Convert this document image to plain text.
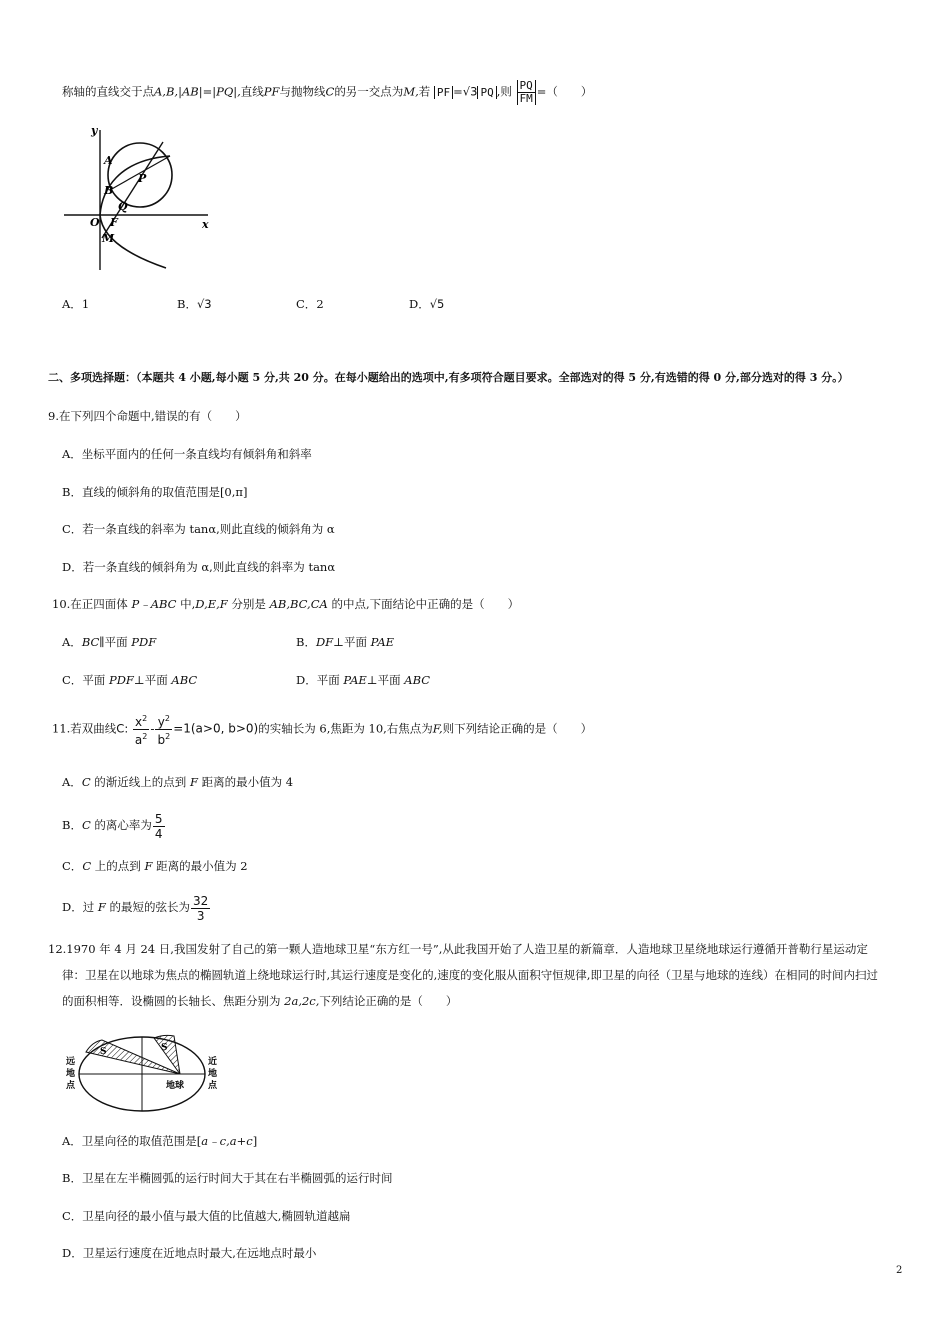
称轴的直线交于点A,B,|AB|=|PQ|,直线PF与抛物线C的另一交点为M,若 PF =√3 PQ ,则 $\frac{PQ}{FM}$ =（　　）
y
x
A
B
P
Q
O F
M
A．1	B．√3	C．2	D．√5
二、多项选择题：（本题共 4 小题,每小题 5 分,共 20 分。在每小题给出的选项中,有多项符合题目要求。全部选对的得 5 分,有选错的得 0 分,部分选对的得 3 分。）
9.在下列四个命题中,错误的有（　　）
A．坐标平面内的任何一条直线均有倾斜角和斜率
B．直线的倾斜角的取值范围是[0,π]
C．若一条直线的斜率为 tanα,则此直线的倾斜角为 α
D．若一条直线的倾斜角为 α,则此直线的斜率为 tanα
10.在正四面体 P﹣ABC 中,D,E,F 分别是 AB,BC,CA 的中点,下面结论中正确的是（　　）
A．BC∥平面 PDF	B．DF⊥平面 PAE
C．平面 PDF⊥平面 ABC	D．平面 PAE⊥平面 ABC
11.若双曲线C: $\frac{x^2}{a^2} - \frac{y^2}{b^2} =1(a>0$, b>0)的实轴长为 6,焦距为 10,右焦点为F,则下列结论正确的是（　　）
A．C 的渐近线上的点到 F 距离的最小值为 4
B．C 的离心率为 $\frac{5}{4}$
C．C 上的点到 F 距离的最小值为 2
D．过 F 的最短的弦长为 $\frac{32}{3}$
12.1970 年 4 月 24 日,我国发射了自己的第一颗人造地球卫星“东方红一号”,从此我国开始了人造卫星的新篇章．人造地球卫星绕地球运行遵循开普勒行星运动定
律：卫星在以地球为焦点的椭圆轨道上绕地球运行时,其运行速度是变化的,速度的变化服从面积守恒规律,即卫星的向径（卫星与地球的连线）在相同的时间内扫过
的面积相等．设椭圆的长轴长、焦距分别为 2a,2c,下列结论正确的是（　　）
S	S
远
地
点
近
地
点
地球
A．卫星向径的取值范围是[a﹣c,a+c]
B．卫星在左半椭圆弧的运行时间大于其在右半椭圆弧的运行时间
C．卫星向径的最小值与最大值的比值越大,椭圆轨道越扁
D．卫星运行速度在近地点时最大,在远地点时最小
2
